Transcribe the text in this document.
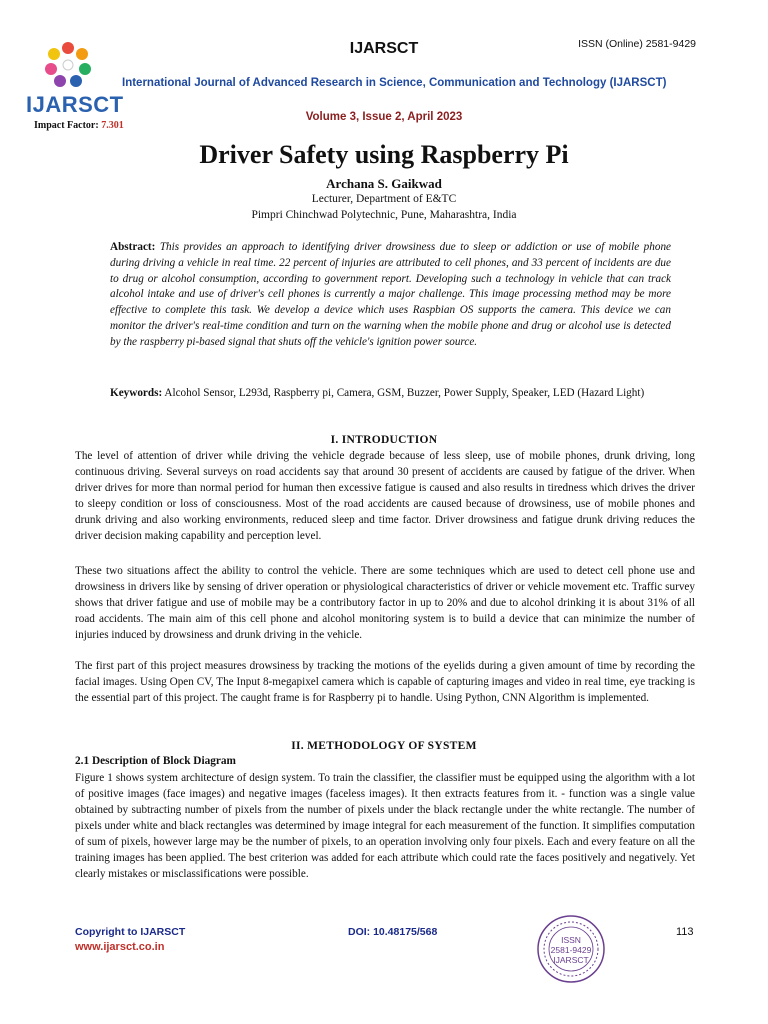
IJARSCT
Impact Factor: 7.301
IJARSCT	ISSN (Online) 2581-9429
International Journal of Advanced Research in Science, Communication and Technology (IJARSCT)
Volume 3, Issue 2, April 2023
Driver Safety using Raspberry Pi
Archana S. Gaikwad
Lecturer, Department of E&TC
Pimpri Chinchwad Polytechnic, Pune, Maharashtra, India
Abstract: This provides an approach to identifying driver drowsiness due to sleep or addiction or use of mobile phone during driving a vehicle in real time. 22 percent of injuries are attributed to cell phones, and 33 percent of incidents are due to drug or alcohol consumption, according to government report. Developing such a technology in vehicle that can track alcohol intake and use of driver's cell phones is currently a major challenge. This image processing method may be more effective to complete this task. We develop a device which uses Raspbian OS supports the camera. This device we can monitor the driver's real-time condition and turn on the warning when the mobile phone and drug or alcohol use is detected by the raspberry pi-based signal that shuts off the vehicle's ignition power source.
Keywords: Alcohol Sensor, L293d, Raspberry pi, Camera, GSM, Buzzer, Power Supply, Speaker, LED (Hazard Light)
I. INTRODUCTION
The level of attention of driver while driving the vehicle degrade because of less sleep, use of mobile phones, drunk driving, long continuous driving. Several surveys on road accidents say that around 30 present of accidents are caused by fatigue of the driver. When driver drives for more than normal period for human then excessive fatigue is caused and also results in tiredness which drives the driver to sleepy condition or loss of consciousness. Most of the road accidents are caused because of drowsiness, use of mobile phones and drunk driving and also working environments, reduced sleep and time factor. Driver drowsiness and fatigue drunk driving reduces the driver decision making capability and perception level.
These two situations affect the ability to control the vehicle. There are some techniques which are used to detect cell phone use and drowsiness in drivers like by sensing of driver operation or physiological characteristics of driver or vehicle movement etc. Traffic survey shows that driver fatigue and use of mobile may be a contributory factor in up to 20% and due to alcohol drinking it is about 31% of all road accidents. The main aim of this cell phone and alcohol monitoring system is to build a device that can minimize the number of injuries induced by drowsiness and drunk driving in the vehicle.
The first part of this project measures drowsiness by tracking the motions of the eyelids during a given amount of time by recording the facial images. Using Open CV, The Input 8-megapixel camera which is capable of capturing images and video in real time, eye tracking is the essential part of this project. The caught frame is for Raspberry pi to handle. Using Python, CNN Algorithm is implemented.
II. METHODOLOGY OF SYSTEM
2.1 Description of Block Diagram
Figure 1 shows system architecture of design system. To train the classifier, the classifier must be equipped using the algorithm with a lot of positive images (face images) and negative images (faceless images). It then extracts features from it. - function was a single value obtained by subtracting number of pixels from the number of pixels under the black rectangle under the white rectangle. The number of pixels under white and black rectangles was determined by image integral for each measurement of the function. It simplifies computation of sum of pixels, however large may be the number of pixels, to an operation involving only four pixels. Each and every feature on all the training images has been applied. The best criterion was added for each attribute which could rate the faces positively and negatively. Yet clearly mistakes or misclassifications were possible.
Copyright to IJARSCT
www.ijarsct.co.in
DOI: 10.48175/568	113
ISSN
2581-9429
IJARSCT
